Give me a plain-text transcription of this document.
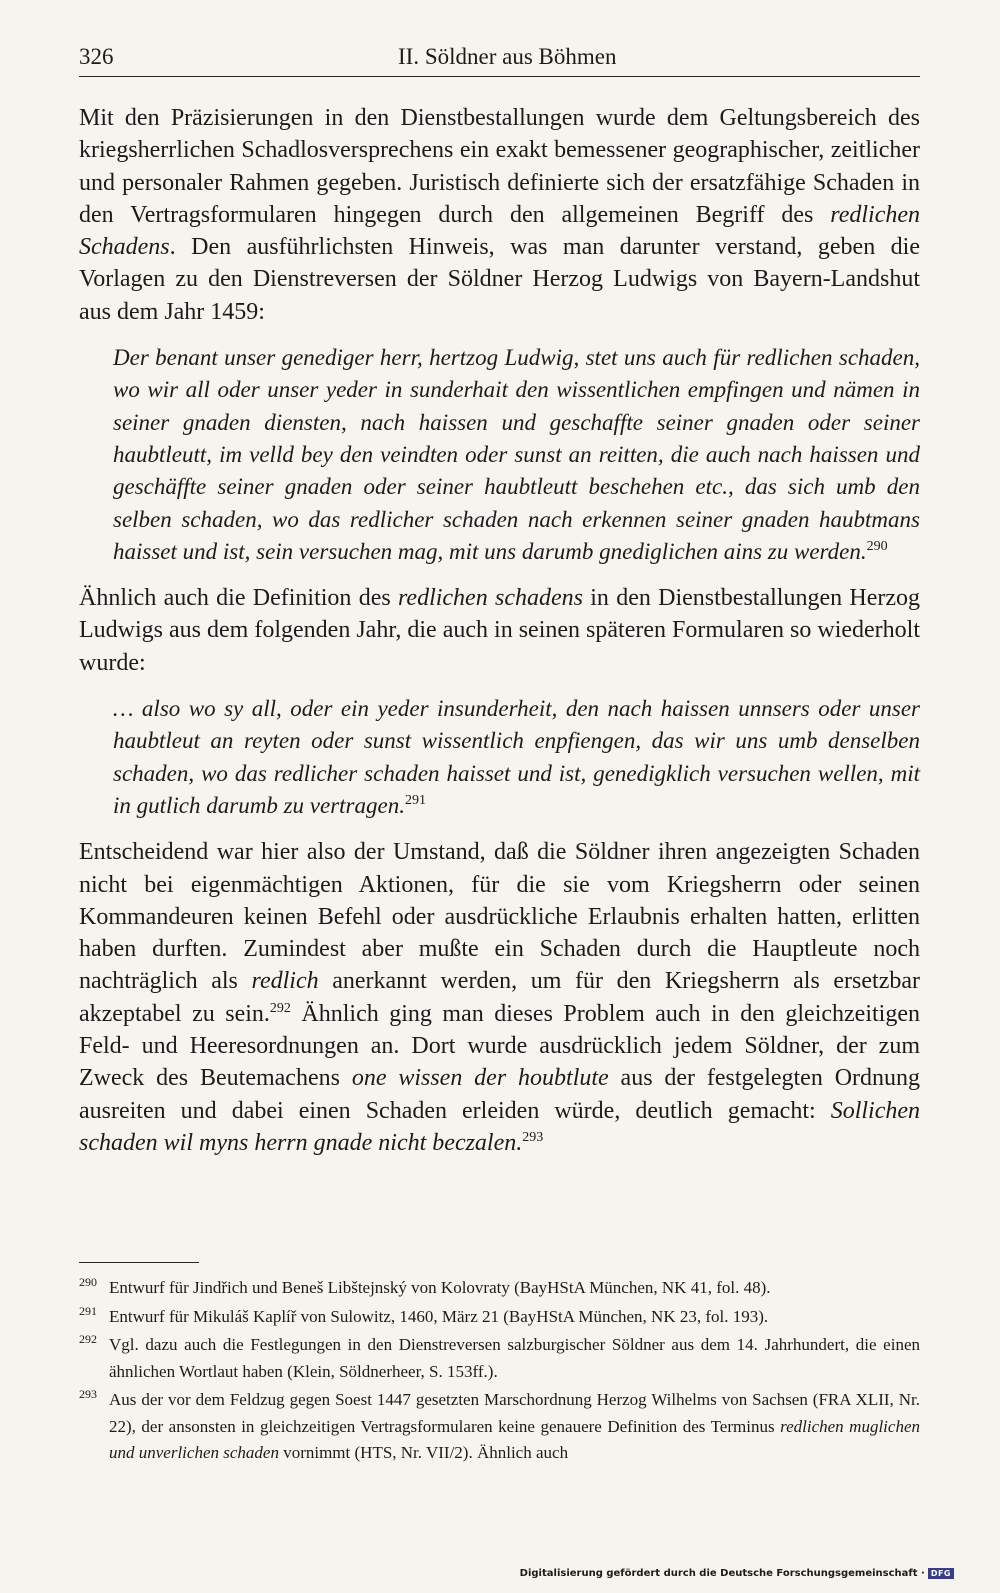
326	II. Söldner aus Böhmen

Mit den Präzisierungen in den Dienstbestallungen wurde dem Geltungsbereich des kriegsherrlichen Schadlosversprechens ein exakt bemessener geographischer, zeitlicher und personaler Rahmen gegeben. Juristisch definierte sich der ersatzfähige Schaden in den Vertragsformularen hingegen durch den allgemeinen Begriff des redlichen Schadens. Den ausführlichsten Hinweis, was man darunter verstand, geben die Vorlagen zu den Dienstreversen der Söldner Herzog Ludwigs von Bayern-Landshut aus dem Jahr 1459:

Der benant unser genediger herr, hertzog Ludwig, stet uns auch für redlichen schaden, wo wir all oder unser yeder in sunderhait den wissentlichen empfingen und nämen in seiner gnaden diensten, nach haissen und geschaffte seiner gnaden oder seiner haubtleutt, im velld bey den veindten oder sunst an reitten, die auch nach haissen und geschäffte seiner gnaden oder seiner haubtleutt beschehen etc., das sich umb den selben schaden, wo das redlicher schaden nach erkennen seiner gnaden haubtmans haisset und ist, sein versuchen mag, mit uns darumb gnediglichen ains zu werden.$^{290}$

Ähnlich auch die Definition des redlichen schadens in den Dienstbestallungen Herzog Ludwigs aus dem folgenden Jahr, die auch in seinen späteren Formularen so wiederholt wurde:

… also wo sy all, oder ein yeder insunderheit, den nach haissen unnsers oder unser haubtleut an reyten oder sunst wissentlich enpfiengen, das wir uns umb denselben schaden, wo das redlicher schaden haisset und ist, genedigklich versuchen wellen, mit in gutlich darumb zu vertragen.$^{291}$

Entscheidend war hier also der Umstand, daß die Söldner ihren angezeigten Schaden nicht bei eigenmächtigen Aktionen, für die sie vom Kriegsherrn oder seinen Kommandeuren keinen Befehl oder ausdrückliche Erlaubnis erhalten hatten, erlitten haben durften. Zumindest aber mußte ein Schaden durch die Hauptleute noch nachträglich als redlich anerkannt werden, um für den Kriegsherrn als ersetzbar akzeptabel zu sein.$^{292}$ Ähnlich ging man dieses Problem auch in den gleichzeitigen Feld- und Heeresordnungen an. Dort wurde ausdrücklich jedem Söldner, der zum Zweck des Beutemachens one wissen der houbtlute aus der festgelegten Ordnung ausreiten und dabei einen Schaden erleiden würde, deutlich gemacht: Sollichen schaden wil myns herrn gnade nicht beczalen.$^{293}$

$^{290}$ Entwurf für Jindřich und Beneš Libštejnský von Kolovraty (BayHStA München, NK 41, fol. 48).

$^{291}$ Entwurf für Mikuláš Kaplíř von Sulowitz, 1460, März 21 (BayHStA München, NK 23, fol. 193).

$^{292}$ Vgl. dazu auch die Festlegungen in den Dienstreversen salzburgischer Söldner aus dem 14. Jahrhundert, die einen ähnlichen Wortlaut haben (Klein, Söldnerheer, S. 153ff.).

$^{293}$ Aus der vor dem Feldzug gegen Soest 1447 gesetzten Marschordnung Herzog Wilhelms von Sachsen (FRA XLII, Nr. 22), der ansonsten in gleichzeitigen Vertragsformularen keine genauere Definition des Terminus redlichen muglichen und unverlichen schaden vornimmt (HTS, Nr. VII/2). Ähnlich auch

Digitalisierung gefördert durch die Deutsche Forschungsgemeinschaft · DFG
